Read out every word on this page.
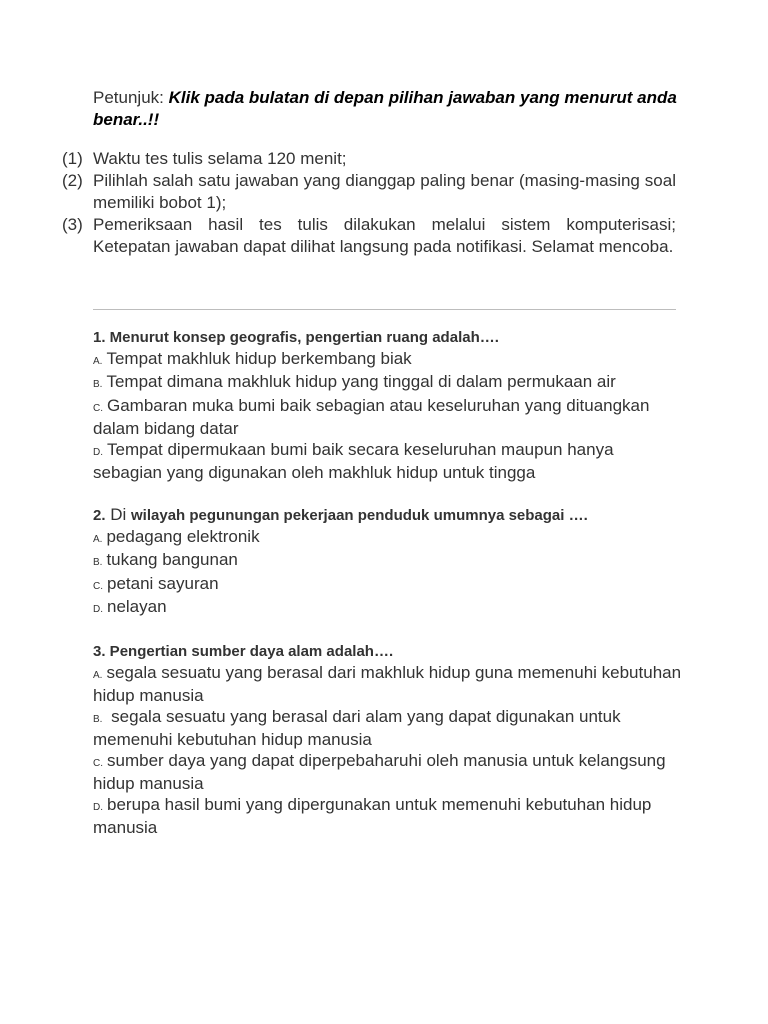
Petunjuk: Klik pada bulatan di depan pilihan jawaban yang menurut anda benar..!!
(1) Waktu tes tulis selama 120 menit;
(2) Pilihlah salah satu jawaban yang dianggap paling benar (masing-masing soal memiliki bobot 1);
(3) Pemeriksaan hasil tes tulis dilakukan melalui sistem komputerisasi; Ketepatan jawaban dapat dilihat langsung pada notifikasi. Selamat mencoba.
1. Menurut konsep geografis, pengertian ruang adalah….
A. Tempat makhluk hidup berkembang biak
B. Tempat dimana makhluk hidup yang tinggal di dalam permukaan air
C. Gambaran muka bumi baik sebagian atau keseluruhan yang dituangkan dalam bidang datar
D. Tempat dipermukaan bumi baik secara keseluruhan maupun hanya sebagian yang digunakan oleh makhluk hidup untuk tingga
2. Di wilayah pegunungan pekerjaan penduduk umumnya sebagai ….
A. pedagang elektronik
B. tukang bangunan
C. petani sayuran
D. nelayan
3. Pengertian sumber daya alam adalah….
A. segala sesuatu yang berasal dari makhluk hidup guna memenuhi kebutuhan hidup manusia
B. segala sesuatu yang berasal dari alam yang dapat digunakan untuk memenuhi kebutuhan hidup manusia
C. sumber daya yang dapat diperpebaharuhi oleh manusia untuk kelangsung hidup manusia
D. berupa hasil bumi yang dipergunakan untuk memenuhi kebutuhan hidup manusia
